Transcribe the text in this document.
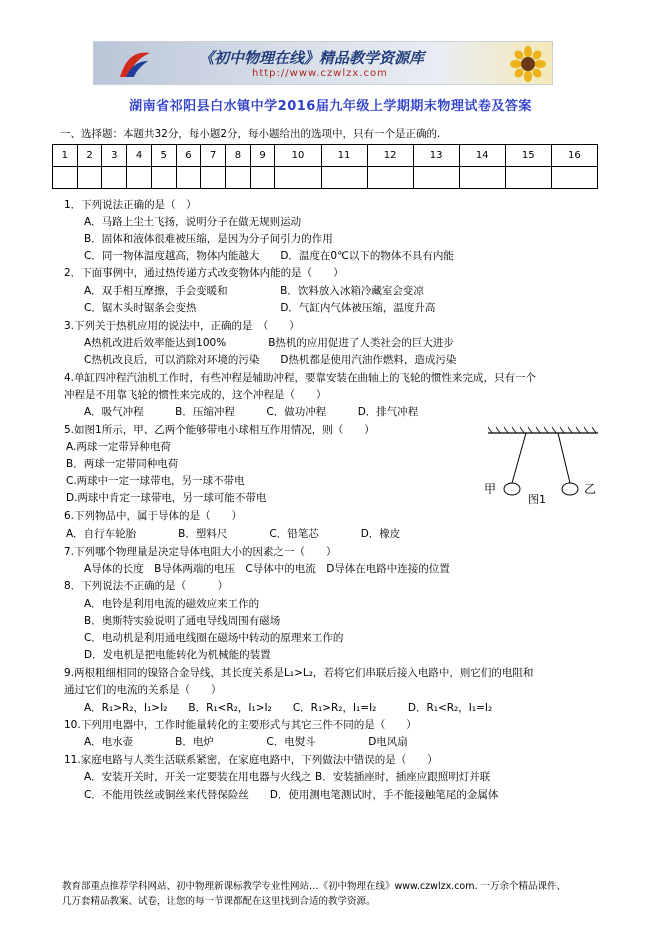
《初中物理在线》精品教学资源库
http://www.czwlzx.com
湖南省祁阳县白水镇中学2016届九年级上学期期末物理试卷及答案
一、选择题：本题共32分，每小题2分，每小题给出的选项中，只有一个是正确的.
1	2	3	4	5	6	7	8	9	10	11	12	13	14	15	16

1．下列说法正确的是（　）
A．马路上尘土飞扬，说明分子在做无规则运动
B．固体和液体很难被压缩，是因为分子间引力的作用
C．同一物体温度越高，物体内能越大　　D．温度在0℃以下的物体不具有内能
2．下面事例中，通过热传递方式改变物体内能的是（　　）
A．双手相互摩擦，手会变暖和　　　　　B．饮料放入冰箱冷藏室会变凉
C．锯木头时锯条会变热　　　　　　　　D．气缸内气体被压缩，温度升高
3.下列关于热机应用的说法中，正确的是　（　　）
A热机改进后效率能达到100%　　　　B热机的应用促进了人类社会的巨大进步
C热机改良后，可以消除对环境的污染　　D热机都是使用汽油作燃料，造成污染
4.单缸四冲程汽油机工作时，有些冲程是辅助冲程，要靠安装在曲轴上的飞轮的惯性来完成，只有一个
冲程是不用靠飞轮的惯性来完成的，这个冲程是（　　）
A．吸气冲程　　　B．压缩冲程　　　C．做功冲程　　　D．排气冲程
5.如图1所示，甲、乙两个能够带电小球相互作用情况，则（　　）
A.两球一定带异种电荷
B．两球一定带同种电荷
C.两球中一定一球带电，另一球不带电
D.两球中肯定一球带电，另一球可能不带电
甲	乙
图1
6.下列物品中，属于导体的是（　　）
A．自行车轮胎　　　　B．塑料尺　　　　C．铅笔芯　　　　D．橡皮
7.下列哪个物理量是决定导体电阻大小的因素之一（　　）
A导体的长度　B导体两端的电压　C导体中的电流　D导体在电路中连接的位置
8．下列说法不正确的是（　　　）
A．电铃是利用电流的磁效应来工作的
B．奥斯特实验说明了通电导线周围有磁场
C．电动机是利用通电线圈在磁场中转动的原理来工作的
D．发电机是把电能转化为机械能的装置
9.两根粗细相同的镍铬合金导线，其长度关系是L₁>L₂，若将它们串联后接入电路中，则它们的电阻和
通过它们的电流的关系是（　　）
A．R₁>R₂，I₁>I₂　　B．R₁<R₂，I₁>I₂　　C．R₁>R₂，I₁=I₂　　　D．R₁<R₂，I₁=I₂
10.下列用电器中，工作时能量转化的主要形式与其它三件不同的是（　　）
A．电水壶　　　　B．电炉　　　　　C．电熨斗　　　　　D电风扇
11.家庭电路与人类生活联系紧密，在家庭电路中，下列做法中错误的是（　　）
A．安装开关时，开关一定要装在用电器与火线之 B．安装插座时，插座应跟照明灯并联
C．不能用铁丝或铜丝来代替保险丝　　D．使用测电笔测试时，手不能接触笔尾的金属体
教育部重点推荐学科网站、初中物理新课标教学专业性网站…《初中物理在线》www.czwlzx.com. 一万余个精品课件、
几万套精品教案、试卷，让您的每一节课都配在这里找到合适的教学资源。
